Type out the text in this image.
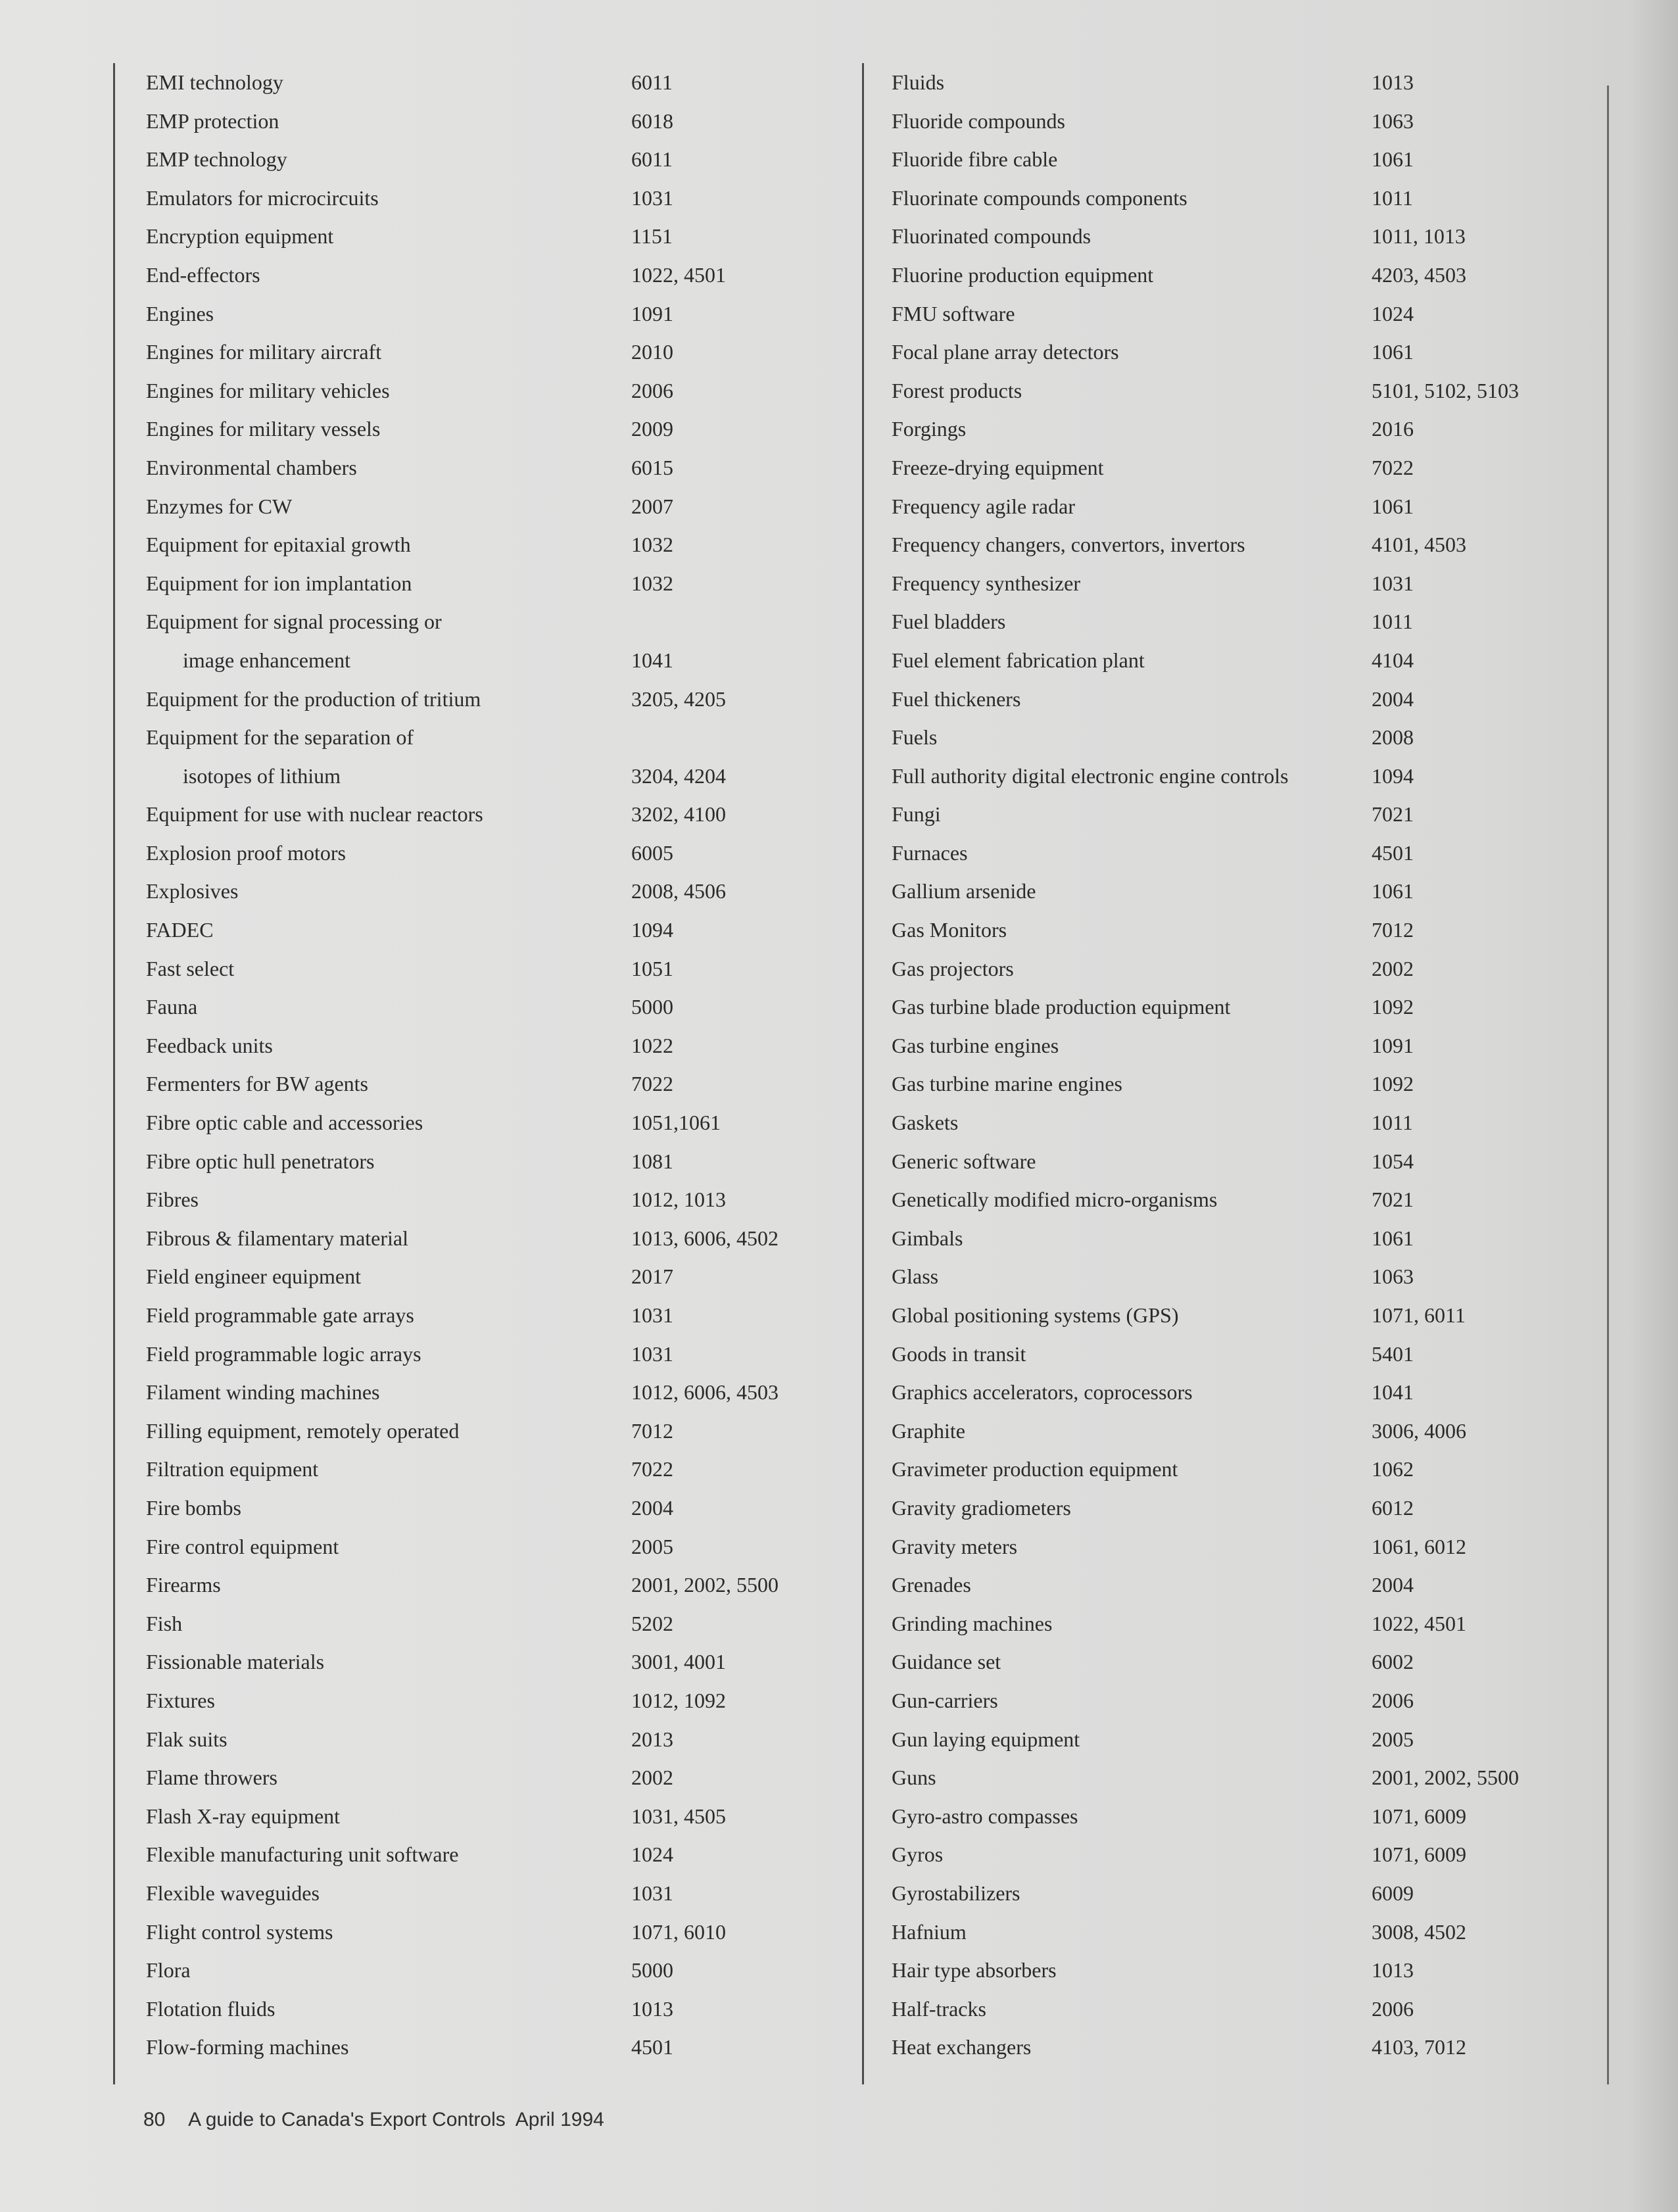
EMI technology	6011
EMP protection	6018
EMP technology	6011
Emulators for microcircuits	1031
Encryption equipment	1151
End-effectors	1022, 4501
Engines	1091
Engines for military aircraft	2010
Engines for military vehicles	2006
Engines for military vessels	2009
Environmental chambers	6015
Enzymes for CW	2007
Equipment for epitaxial growth	1032
Equipment for ion implantation	1032
Equipment for signal processing or
image enhancement	1041
Equipment for the production of tritium	3205, 4205
Equipment for the separation of
isotopes of lithium	3204, 4204
Equipment for use with nuclear reactors	3202, 4100
Explosion proof motors	6005
Explosives	2008, 4506
FADEC	1094
Fast select	1051
Fauna	5000
Feedback units	1022
Fermenters for BW agents	7022
Fibre optic cable and accessories	1051,1061
Fibre optic hull penetrators	1081
Fibres	1012, 1013
Fibrous & filamentary material	1013, 6006, 4502
Field engineer equipment	2017
Field programmable gate arrays	1031
Field programmable logic arrays	1031
Filament winding machines	1012, 6006, 4503
Filling equipment, remotely operated	7012
Filtration equipment	7022
Fire bombs	2004
Fire control equipment	2005
Firearms	2001, 2002, 5500
Fish	5202
Fissionable materials	3001, 4001
Fixtures	1012, 1092
Flak suits	2013
Flame throwers	2002
Flash X-ray equipment	1031, 4505
Flexible manufacturing unit software	1024
Flexible waveguides	1031
Flight control systems	1071, 6010
Flora	5000
Flotation fluids	1013
Flow-forming machines	4501
Fluids	1013
Fluoride compounds	1063
Fluoride fibre cable	1061
Fluorinate compounds components	1011
Fluorinated compounds	1011, 1013
Fluorine production equipment	4203, 4503
FMU software	1024
Focal plane array detectors	1061
Forest products	5101, 5102, 5103
Forgings	2016
Freeze-drying equipment	7022
Frequency agile radar	1061
Frequency changers, convertors, invertors	4101, 4503
Frequency synthesizer	1031
Fuel bladders	1011
Fuel element fabrication plant	4104
Fuel thickeners	2004
Fuels	2008
Full authority digital electronic engine controls	1094
Fungi	7021
Furnaces	4501
Gallium arsenide	1061
Gas Monitors	7012
Gas projectors	2002
Gas turbine blade production equipment	1092
Gas turbine engines	1091
Gas turbine marine engines	1092
Gaskets	1011
Generic software	1054
Genetically modified micro-organisms	7021
Gimbals	1061
Glass	1063
Global positioning systems (GPS)	1071, 6011
Goods in transit	5401
Graphics accelerators, coprocessors	1041
Graphite	3006, 4006
Gravimeter production equipment	1062
Gravity gradiometers	6012
Gravity meters	1061, 6012
Grenades	2004
Grinding machines	1022, 4501
Guidance set	6002
Gun-carriers	2006
Gun laying equipment	2005
Guns	2001, 2002, 5500
Gyro-astro compasses	1071, 6009
Gyros	1071, 6009
Gyrostabilizers	6009
Hafnium	3008, 4502
Hair type absorbers	1013
Half-tracks	2006
Heat exchangers	4103, 7012
80 A guide to Canada's Export Controls  April 1994
